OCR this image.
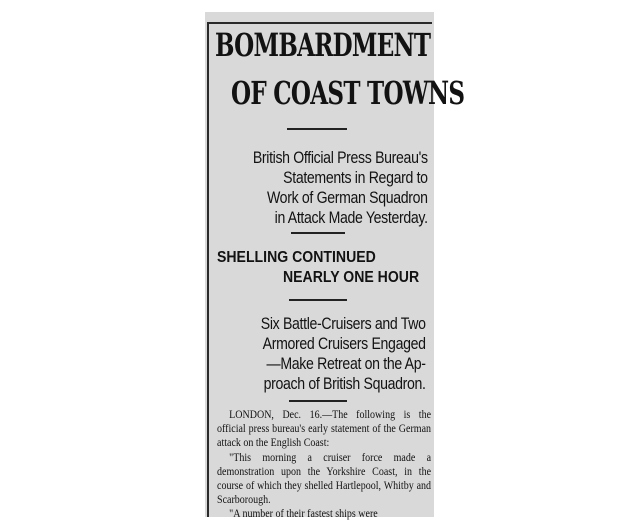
BOMBARDMENT
OF COAST TOWNS
British Official Press Bureau's
Statements in Regard to
Work of German Squadron
in Attack Made Yesterday.
SHELLING CONTINUED
NEARLY ONE HOUR
Six Battle-Cruisers and Two
Armored Cruisers Engaged
—Make Retreat on the Ap-
proach of British Squadron.

LONDON, Dec. 16.—The following is the official press bureau's early statement of the German attack on the English Coast:

"This morning a cruiser force made a demonstration upon the Yorkshire Coast, in the course of which they shelled Hartlepool, Whitby and Scarborough.

"A number of their fastest ships were
